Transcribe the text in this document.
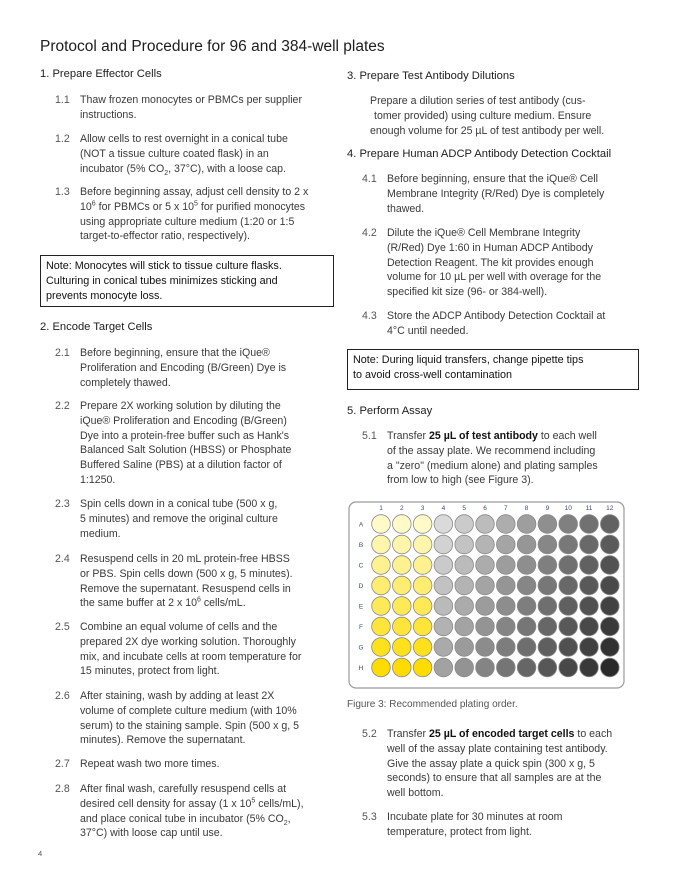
Protocol and Procedure for 96 and 384-well plates
1. Prepare Effector Cells
1.1 Thaw frozen monocytes or PBMCs per supplier
instructions.
1.2 Allow cells to rest overnight in a conical tube
(NOT a tissue culture coated flask) in an
incubator (5% $CO_2$, 37°C), with a loose cap.
1.3 Before beginning assay, adjust cell density to 2 x
$10^6$ for PBMCs or 5 x $10^5$ for purified monocytes
using appropriate culture medium (1:20 or 1:5
target-to-effector ratio, respectively).
Note: Monocytes will stick to tissue culture flasks.
Culturing in conical tubes minimizes sticking and
prevents monocyte loss.
2. Encode Target Cells
2.1 Before beginning, ensure that the iQue®
Proliferation and Encoding (B/Green) Dye is
completely thawed.
2.2 Prepare 2X working solution by diluting the
iQue® Proliferation and Encoding (B/Green)
Dye into a protein-free buffer such as Hank's
Balanced Salt Solution (HBSS) or Phosphate
Buffered Saline (PBS) at a dilution factor of
1:1250.
2.3 Spin cells down in a conical tube (500 x g,
5 minutes) and remove the original culture
medium.
2.4 Resuspend cells in 20 mL protein-free HBSS
or PBS. Spin cells down (500 x g, 5 minutes).
Remove the supernatant. Resuspend cells in
the same buffer at 2 x $10^6$ cells/mL.
2.5 Combine an equal volume of cells and the
prepared 2X dye working solution. Thoroughly
mix, and incubate cells at room temperature for
15 minutes, protect from light.
2.6 After staining, wash by adding at least 2X
volume of complete culture medium (with 10%
serum) to the staining sample. Spin (500 x g, 5
minutes). Remove the supernatant.
2.7 Repeat wash two more times.
2.8 After final wash, carefully resuspend cells at
desired cell density for assay (1 x $10^5$ cells/mL),
and place conical tube in incubator (5% $CO_2$,
37°C) with loose cap until use.
3. Prepare Test Antibody Dilutions
Prepare a dilution series of test antibody (cus-
tomer provided) using culture medium. Ensure
enough volume for 25 µL of test antibody per well.
4. Prepare Human ADCP Antibody Detection Cocktail
4.1 Before beginning, ensure that the iQue® Cell
Membrane Integrity (R/Red) Dye is completely
thawed.
4.2 Dilute the iQue® Cell Membrane Integrity
(R/Red) Dye 1:60 in Human ADCP Antibody
Detection Reagent. The kit provides enough
volume for 10 µL per well with overage for the
specified kit size (96- or 384-well).
4.3 Store the ADCP Antibody Detection Cocktail at
4°C until needed.
Note: During liquid transfers, change pipette tips
to avoid cross-well contamination
5. Perform Assay
5.1 Transfer 25 µL of test antibody to each well
of the assay plate. We recommend including
a "zero" (medium alone) and plating samples
from low to high (see Figure 3).
1	2	3	4	5	6	7	8	9 10 11 12
A
B
C
D
E
F
G
H
Figure 3: Recommended plating order.
5.2 Transfer 25 µL of encoded target cells to each
well of the assay plate containing test antibody.
Give the assay plate a quick spin (300 x g, 5
seconds) to ensure that all samples are at the
well bottom.
5.3 Incubate plate for 30 minutes at room
temperature, protect from light.
4
